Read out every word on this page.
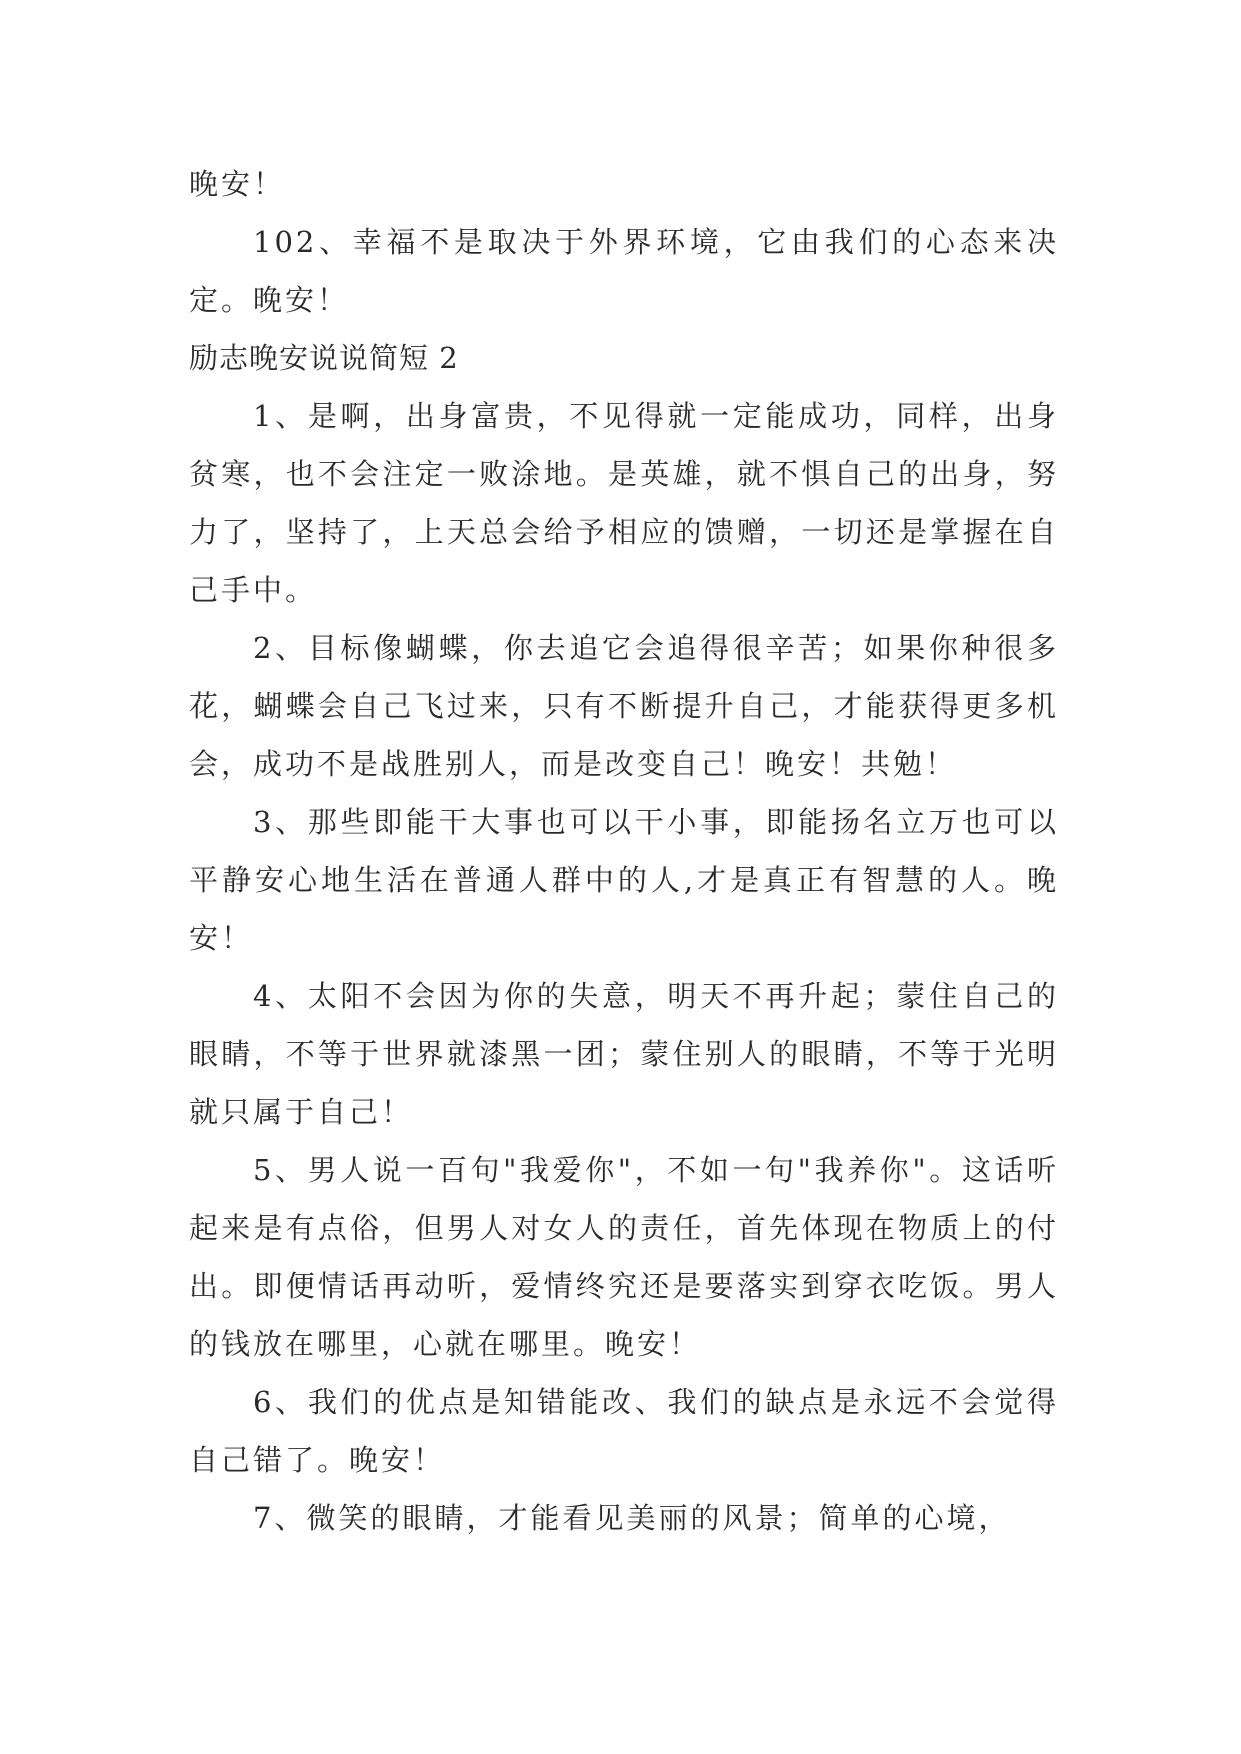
晚安！

102、幸福不是取决于外界环境，它由我们的心态来决定。晚安！

励志晚安说说简短 2

1、是啊，出身富贵，不见得就一定能成功，同样，出身贫寒，也不会注定一败涂地。是英雄，就不惧自己的出身，努力了，坚持了，上天总会给予相应的馈赠，一切还是掌握在自己手中。

2、目标像蝴蝶，你去追它会追得很辛苦；如果你种很多花，蝴蝶会自己飞过来，只有不断提升自己，才能获得更多机会，成功不是战胜别人，而是改变自己！晚安！共勉！

3、那些即能干大事也可以干小事，即能扬名立万也可以平静安心地生活在普通人群中的人,才是真正有智慧的人。晚安！

4、太阳不会因为你的失意，明天不再升起；蒙住自己的眼睛，不等于世界就漆黑一团；蒙住别人的眼睛，不等于光明就只属于自己！

5、男人说一百句"我爱你"，不如一句"我养你"。这话听起来是有点俗，但男人对女人的责任，首先体现在物质上的付出。即便情话再动听，爱情终究还是要落实到穿衣吃饭。男人的钱放在哪里，心就在哪里。晚安！

6、我们的优点是知错能改、我们的缺点是永远不会觉得自己错了。晚安！

7、微笑的眼睛，才能看见美丽的风景；简单的心境，
